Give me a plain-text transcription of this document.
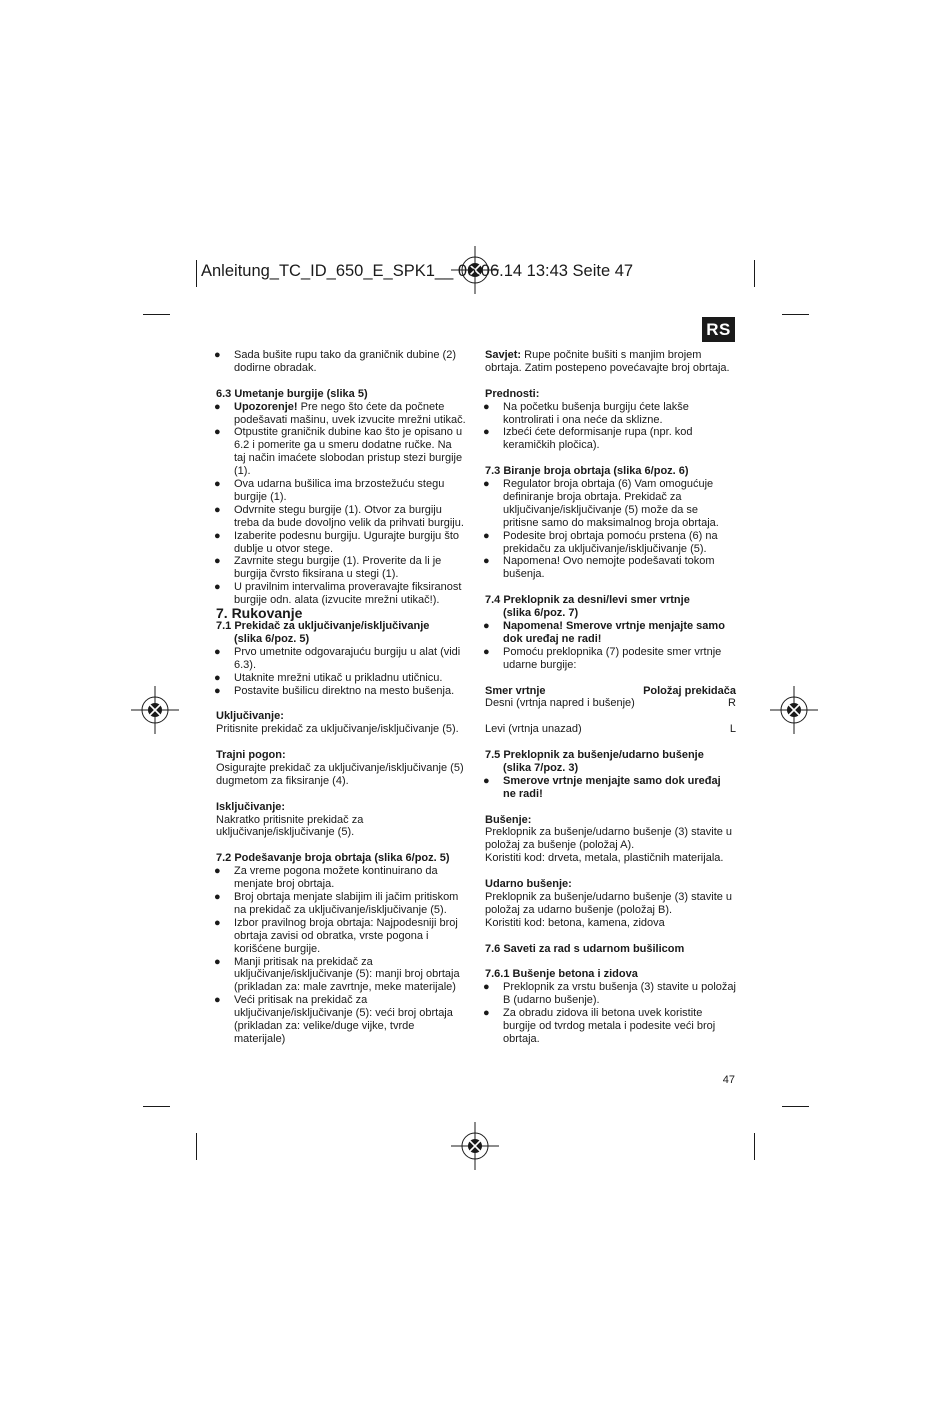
Anleitung_TC_ID_650_E_SPK1__ 06.06.14 13:43 Seite 47
RS

● Sada bušite rupu tako da graničnik dubine (2) dodirne obradak.

6.3 Umetanje burgije (slika 5)

● Upozorenje! Pre nego što ćete da počnete podešavati mašinu, uvek izvucite mrežni utikač.

● Otpustite graničnik dubine kao što je opisano u 6.2 i pomerite ga u smeru dodatne ručke. Na taj način imaćete slobodan pristup stezi burgije (1).

● Ova udarna bušilica ima brzostežuću stegu burgije (1).

● Odvrnite stegu burgije (1). Otvor za burgiju treba da bude dovoljno velik da prihvati burgiju.

● Izaberite podesnu burgiju. Ugurajte burgiju što dublje u otvor stege.

● Zavrnite stegu burgije (1). Proverite da li je burgija čvrsto fiksirana u stegi (1).

● U pravilnim intervalima proveravajte fiksiranost burgije odn. alata (izvucite mrežni utikač!).

7. Rukovanje

7.1 Prekidač za uključivanje/isključivanje

(slika 6/poz. 5)

● Prvo umetnite odgovarajuću burgiju u alat (vidi 6.3).

● Utaknite mrežni utikač u prikladnu utičnicu.

● Postavite bušilicu direktno na mesto bušenja.

Uključivanje:

Pritisnite prekidač za uključivanje/isključivanje (5).

Trajni pogon:

Osigurajte prekidač za uključivanje/isključivanje (5) dugmetom za fiksiranje (4).

Isključivanje:

Nakratko pritisnite prekidač za uključivanje/isključivanje (5).

7.2 Podešavanje broja obrtaja (slika 6/poz. 5)

● Za vreme pogona možete kontinuirano da menjate broj obrtaja.

● Broj obrtaja menjate slabijim ili jačim pritiskom na prekidač za uključivanje/isključivanje (5).

● Izbor pravilnog broja obrtaja: Najpodesniji broj obrtaja zavisi od obratka, vrste pogona i korišćene burgije.

● Manji pritisak na prekidač za uključivanje/isključivanje (5): manji broj obrtaja (prikladan za: male zavrtnje, meke materijale)

● Veći pritisak na prekidač za uključivanje/isključivanje (5): veći broj obrtaja (prikladan za: velike/duge vijke, tvrde materijale)

Savjet: Rupe počnite bušiti s manjim brojem obrtaja. Zatim postepeno povećavajte broj obrtaja.

Prednosti:

● Na početku bušenja burgiju ćete lakše kontrolirati i ona neće da sklizne.

● Izbeći ćete deformisanje rupa (npr. kod keramičkih pločica).

7.3 Biranje broja obrtaja (slika 6/poz. 6)

● Regulator broja obrtaja (6) Vam omogućuje definiranje broja obrtaja. Prekidač za uključivanje/isključivanje (5) može da se pritisne samo do maksimalnog broja obrtaja.

● Podesite broj obrtaja pomoću prstena (6) na prekidaču za uključivanje/isključivanje (5).

● Napomena! Ovo nemojte podešavati tokom bušenja.

7.4 Preklopnik za desni/levi smer vrtnje

(slika 6/poz. 7)

● Napomena! Smerove vrtnje menjajte samo dok uređaj ne radi!

● Pomoću preklopnika (7) podesite smer vrtnje udarne burgije:

Smer vrtnje	Položaj prekidača
Desni (vrtnja napred i bušenje)	R
Levi (vrtnja unazad)	L

7.5 Preklopnik za bušenje/udarno bušenje

(slika 7/poz. 3)

● Smerove vrtnje menjajte samo dok uređaj ne radi!

Bušenje:

Preklopnik za bušenje/udarno bušenje (3) stavite u položaj za bušenje (položaj A).

Koristiti kod: drveta, metala, plastičnih materijala.

Udarno bušenje:

Preklopnik za bušenje/udarno bušenje (3) stavite u položaj za udarno bušenje (položaj B).

Koristiti kod: betona, kamena, zidova

7.6 Saveti za rad s udarnom bušilicom

7.6.1 Bušenje betona i zidova

● Preklopnik za vrstu bušenja (3) stavite u položaj B (udarno bušenje).

● Za obradu zidova ili betona uvek koristite burgije od tvrdog metala i podesite veći broj obrtaja.

47
